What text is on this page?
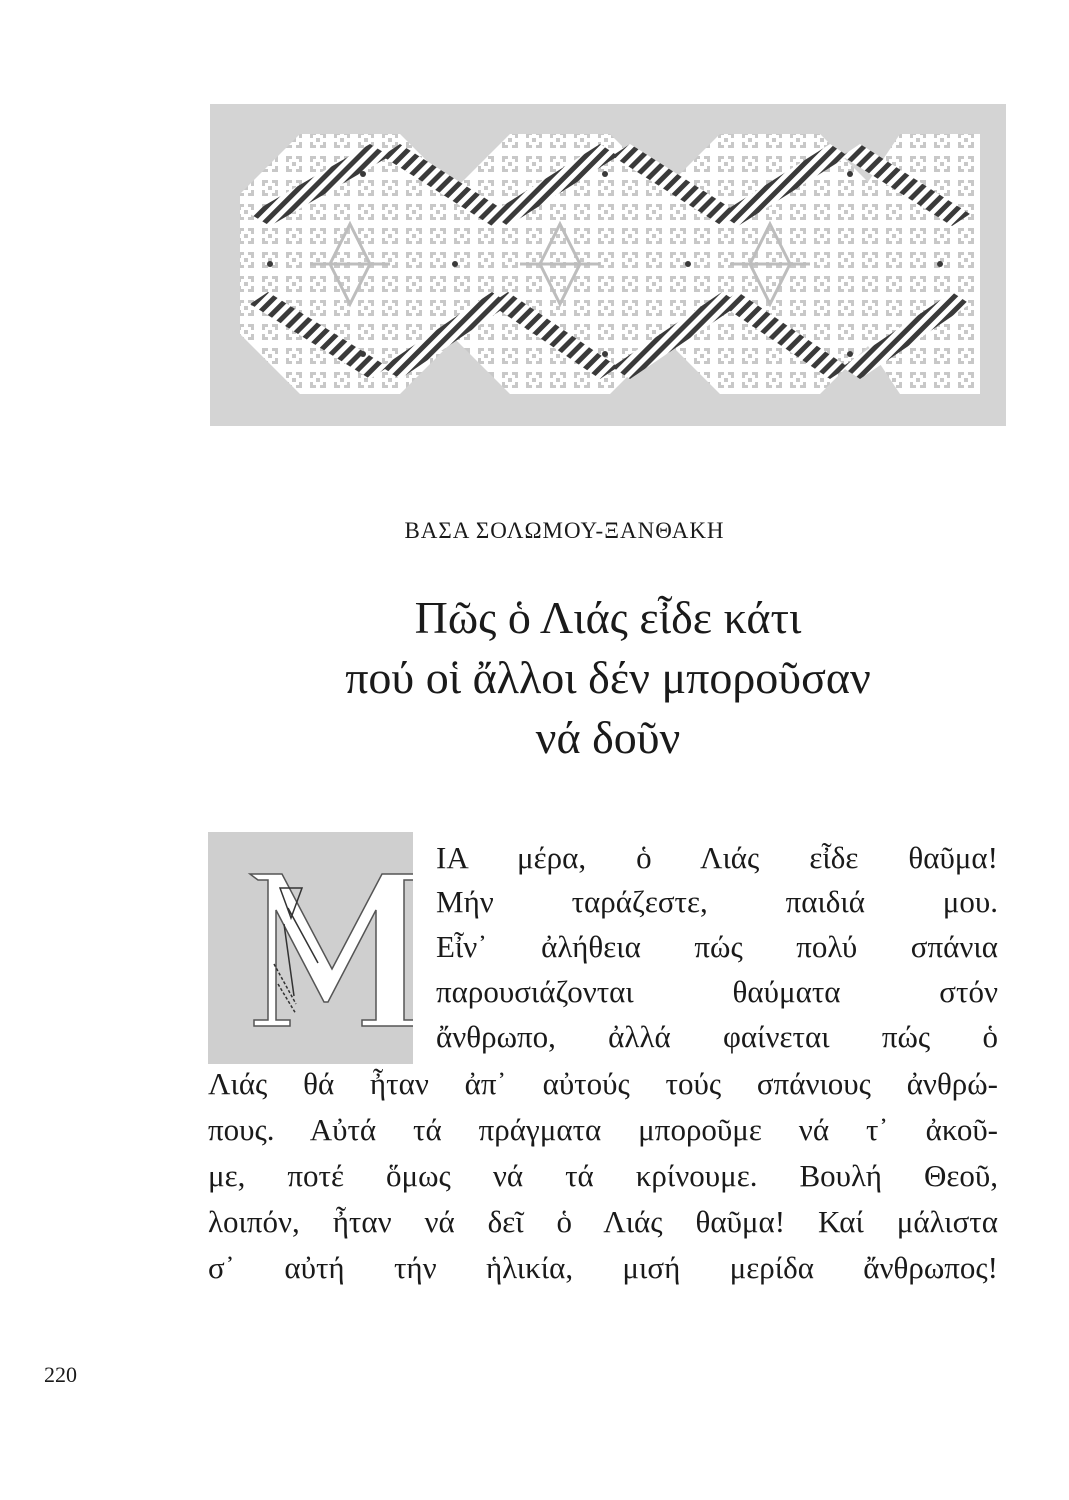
ΒΑΣΑ ΣΟΛΩΜΟΥ-ΞΑΝΘΑΚΗ
Πῶς ὁ Λιάς εἶδε κάτι
πού οἱ ἄλλοι δέν μποροῦσαν
νά δοῦν
Μ
ΙΑ μέρα, ὁ Λιάς εἶδε θαῦμα!
Μήν ταράζεστε, παιδιά μου.
Εἶν᾽ ἀλήθεια πώς πολύ σπάνια
παρουσιάζονται θαύματα στόν
ἄνθρωπο, ἀλλά φαίνεται πώς ὁ
Λιάς θά ἦταν ἀπ᾽ αὐτούς τούς σπάνιους ἀνθρώ-
πους. Αὐτά τά πράγματα μποροῦμε νά τ᾽ ἀκοῦ-
με, ποτέ ὅμως νά τά κρίνουμε. Βουλή Θεοῦ,
λοιπόν, ἦταν νά δεῖ ὁ Λιάς θαῦμα! Καί μάλιστα
σ᾽ αὐτή τήν ἡλικία, μισή μερίδα ἄνθρωπος!
220
